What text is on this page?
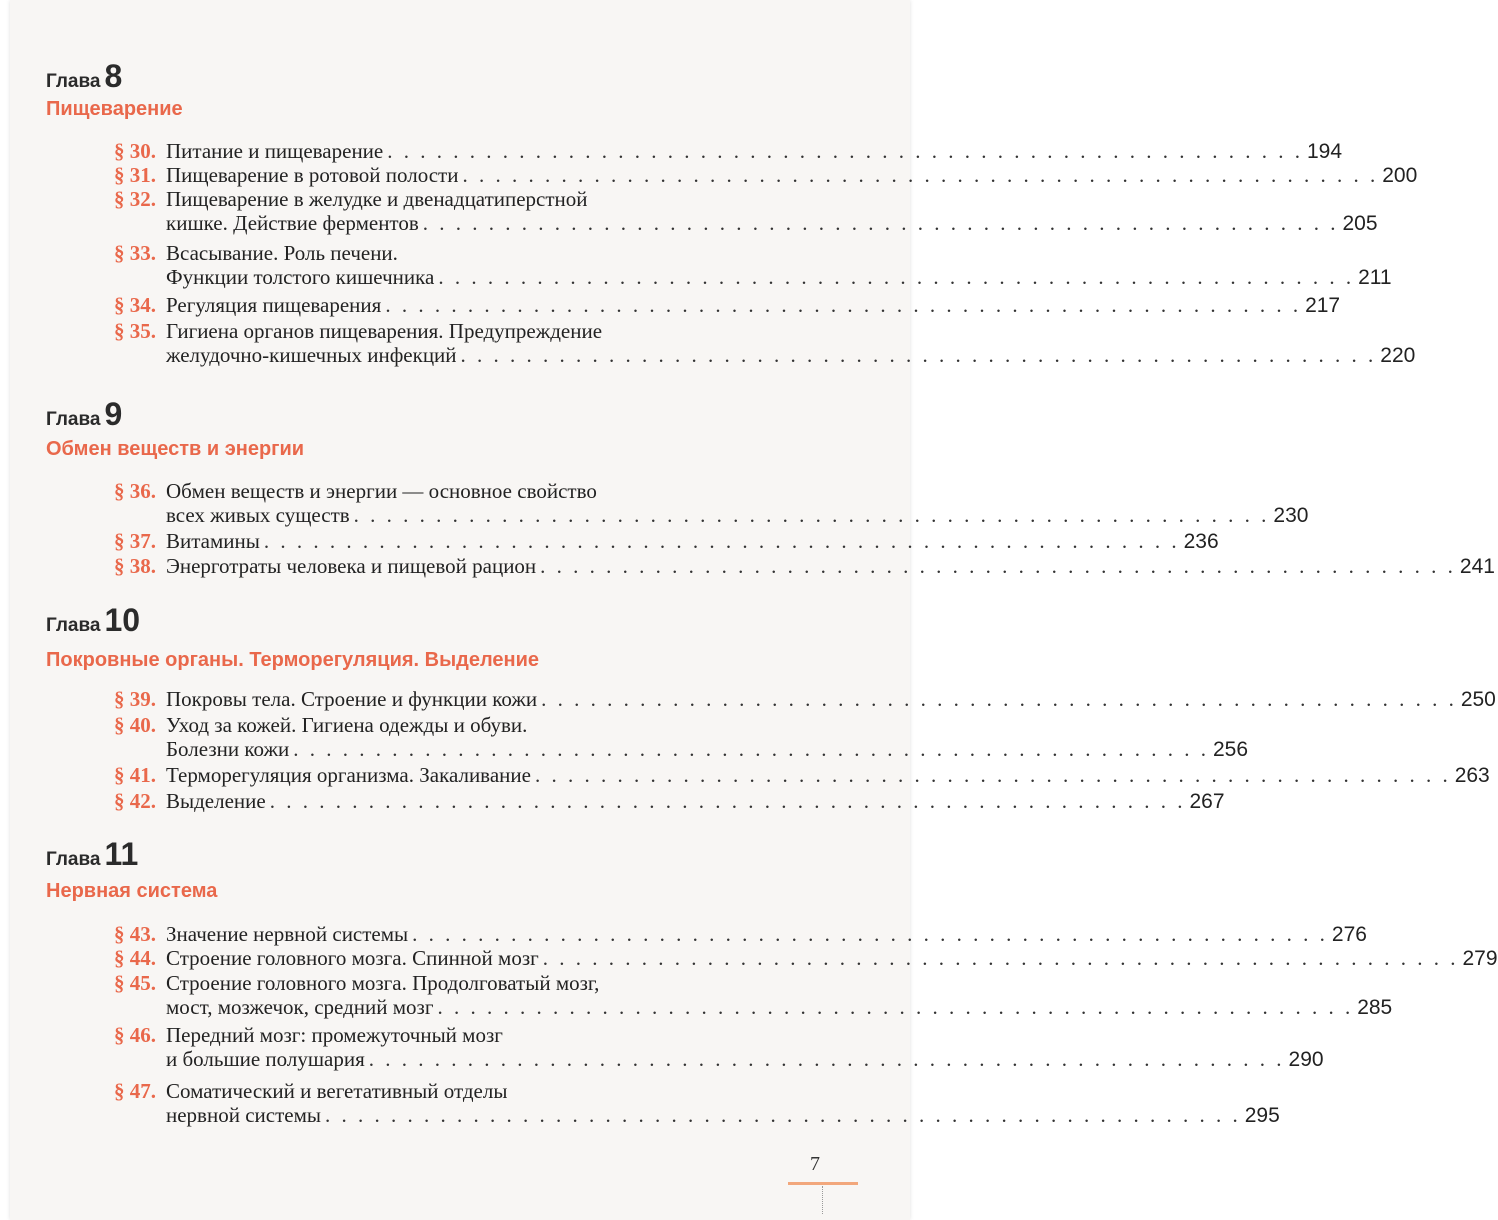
Глава 8
Пищеварение
§ 30. Питание и пищеварение . . . . . . . . . . . . . . . . . . . . . . . . . . . . . . . . . . . . . . . . . . . . . . . . . . . . . . . . 194
§ 31. Пищеварение в ротовой полости . . . . . . . . . . . . . . . . . . . . . . . . . . . . . . . . . . . . . . . . . . . . . . . . . . . . . . . . 200
§ 32. Пищеварение в желудке и двенадцатиперстной
кишке. Действие ферментов . . . . . . . . . . . . . . . . . . . . . . . . . . . . . . . . . . . . . . . . . . . . . . . . . . . . . . . . 205
§ 33. Всасывание. Роль печени.
Функции толстого кишечника . . . . . . . . . . . . . . . . . . . . . . . . . . . . . . . . . . . . . . . . . . . . . . . . . . . . . . . . 211
§ 34. Регуляция пищеварения . . . . . . . . . . . . . . . . . . . . . . . . . . . . . . . . . . . . . . . . . . . . . . . . . . . . . . . . 217
§ 35. Гигиена органов пищеварения. Предупреждение
желудочно-кишечных инфекций . . . . . . . . . . . . . . . . . . . . . . . . . . . . . . . . . . . . . . . . . . . . . . . . . . . . . . . . 220
Глава 9
Обмен веществ и энергии
§ 36. Обмен веществ и энергии — основное свойство
всех живых существ . . . . . . . . . . . . . . . . . . . . . . . . . . . . . . . . . . . . . . . . . . . . . . . . . . . . . . . . 230
§ 37. Витамины . . . . . . . . . . . . . . . . . . . . . . . . . . . . . . . . . . . . . . . . . . . . . . . . . . . . . . . . 236
§ 38. Энерготраты человека и пищевой рацион . . . . . . . . . . . . . . . . . . . . . . . . . . . . . . . . . . . . . . . . . . . . . . . . . . . . . . . . 241
Глава 10
Покровные органы. Терморегуляция. Выделение
§ 39. Покровы тела. Строение и функции кожи . . . . . . . . . . . . . . . . . . . . . . . . . . . . . . . . . . . . . . . . . . . . . . . . . . . . . . . . 250
§ 40. Уход за кожей. Гигиена одежды и обуви.
Болезни кожи . . . . . . . . . . . . . . . . . . . . . . . . . . . . . . . . . . . . . . . . . . . . . . . . . . . . . . . . 256
§ 41. Терморегуляция организма. Закаливание . . . . . . . . . . . . . . . . . . . . . . . . . . . . . . . . . . . . . . . . . . . . . . . . . . . . . . . . 263
§ 42. Выделение . . . . . . . . . . . . . . . . . . . . . . . . . . . . . . . . . . . . . . . . . . . . . . . . . . . . . . . . 267
Глава 11
Нервная система
§ 43. Значение нервной системы . . . . . . . . . . . . . . . . . . . . . . . . . . . . . . . . . . . . . . . . . . . . . . . . . . . . . . . . 276
§ 44. Строение головного мозга. Спинной мозг . . . . . . . . . . . . . . . . . . . . . . . . . . . . . . . . . . . . . . . . . . . . . . . . . . . . . . . . 279
§ 45. Строение головного мозга. Продолговатый мозг,
мост, мозжечок, средний мозг . . . . . . . . . . . . . . . . . . . . . . . . . . . . . . . . . . . . . . . . . . . . . . . . . . . . . . . . 285
§ 46. Передний мозг: промежуточный мозг
и большие полушария . . . . . . . . . . . . . . . . . . . . . . . . . . . . . . . . . . . . . . . . . . . . . . . . . . . . . . . . 290
§ 47. Соматический и вегетативный отделы
нервной системы . . . . . . . . . . . . . . . . . . . . . . . . . . . . . . . . . . . . . . . . . . . . . . . . . . . . . . . . 295
7
